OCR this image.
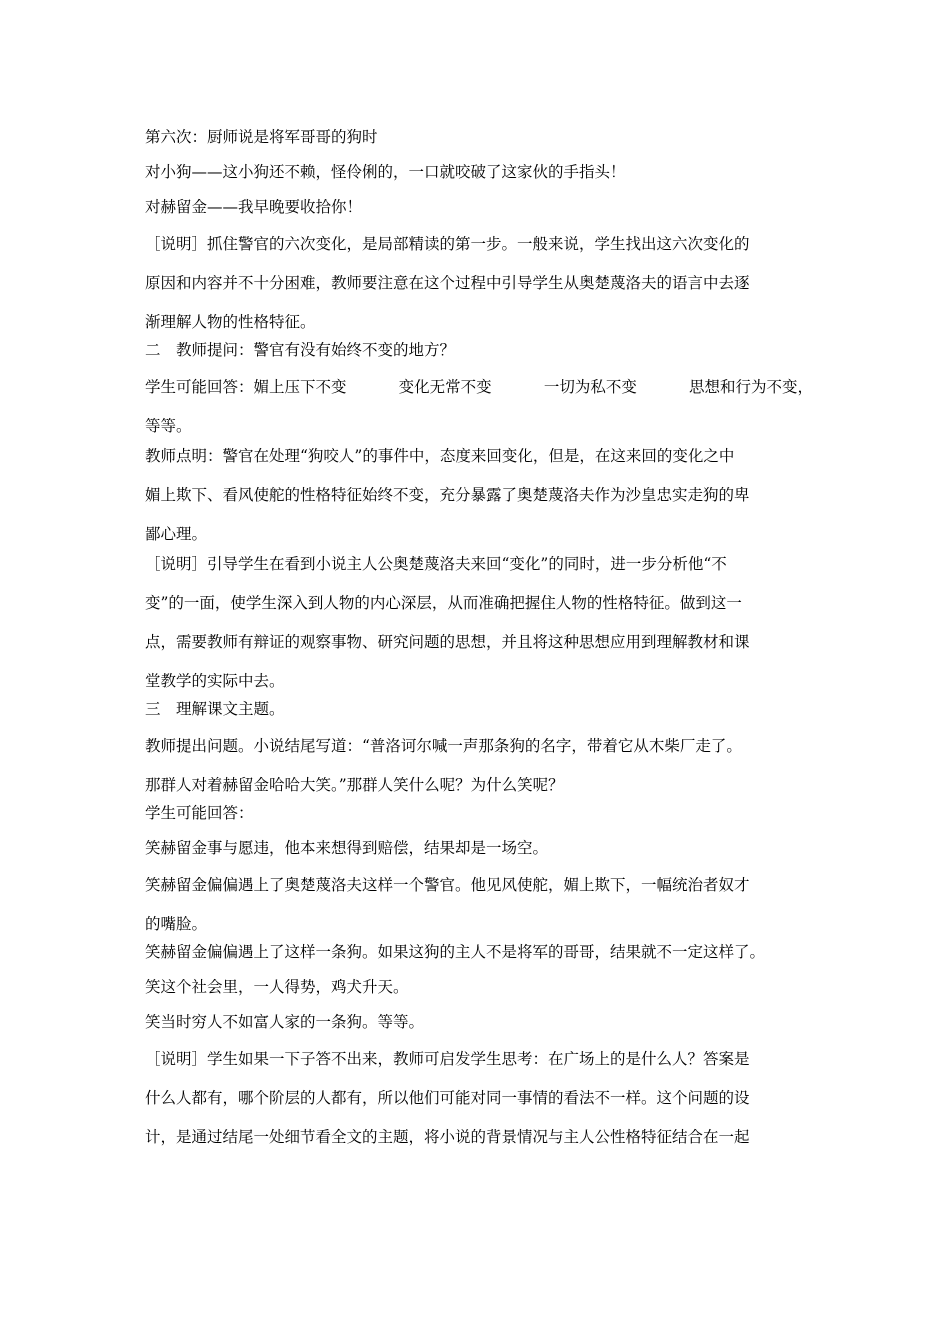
第六次：厨师说是将军哥哥的狗时
对小狗——这小狗还不赖，怪伶俐的，一口就咬破了这家伙的手指头！
对赫留金——我早晚要收拾你！
［说明］抓住警官的六次变化，是局部精读的第一步。一般来说，学生找出这六次变化的
原因和内容并不十分困难，教师要注意在这个过程中引导学生从奥楚蔑洛夫的语言中去逐
渐理解人物的性格特征。
二　教师提问：警官有没有始终不变的地方？
学生可能回答：媚上压下不变	变化无常不变	一切为私不变	思想和行为不变，
等等。
教师点明：警官在处理“狗咬人”的事件中，态度来回变化，但是，在这来回的变化之中
媚上欺下、看风使舵的性格特征始终不变，充分暴露了奥楚蔑洛夫作为沙皇忠实走狗的卑
鄙心理。
［说明］引导学生在看到小说主人公奥楚蔑洛夫来回“变化”的同时，进一步分析他“不
变”的一面，使学生深入到人物的内心深层，从而准确把握住人物的性格特征。做到这一
点，需要教师有辩证的观察事物、研究问题的思想，并且将这种思想应用到理解教材和课
堂教学的实际中去。
三　理解课文主题。
教师提出问题。小说结尾写道：“普洛诃尔喊一声那条狗的名字，带着它从木柴厂走了。
那群人对着赫留金哈哈大笑。”那群人笑什么呢？为什么笑呢？
学生可能回答：
笑赫留金事与愿违，他本来想得到赔偿，结果却是一场空。
笑赫留金偏偏遇上了奥楚蔑洛夫这样一个警官。他见风使舵，媚上欺下，一幅统治者奴才
的嘴脸。
笑赫留金偏偏遇上了这样一条狗。如果这狗的主人不是将军的哥哥，结果就不一定这样了。
笑这个社会里，一人得势，鸡犬升天。
笑当时穷人不如富人家的一条狗。等等。
［说明］学生如果一下子答不出来，教师可启发学生思考：在广场上的是什么人？答案是
什么人都有，哪个阶层的人都有，所以他们可能对同一事情的看法不一样。这个问题的设
计，是通过结尾一处细节看全文的主题，将小说的背景情况与主人公性格特征结合在一起
